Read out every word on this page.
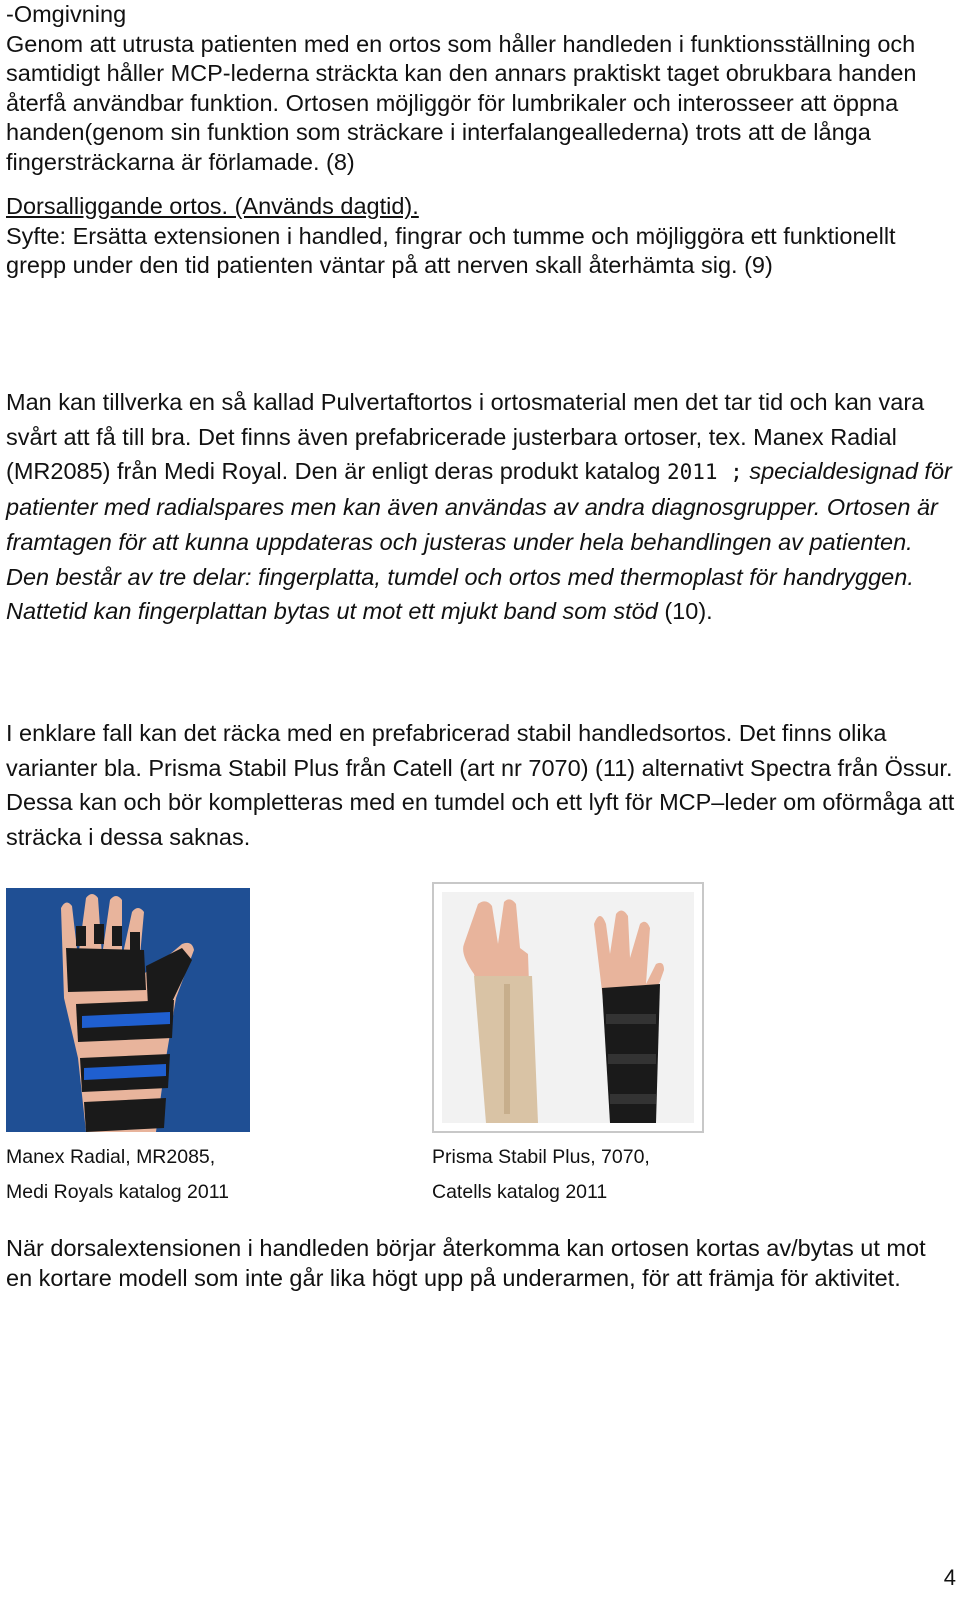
-Omgivning

Genom att utrusta patienten med en ortos som håller handleden i funktionsställning och samtidigt håller MCP-lederna sträckta kan den annars praktiskt taget obrukbara handen återfå användbar funktion. Ortosen möjliggör för lumbrikaler och interosseer att öppna handen(genom sin funktion som sträckare i interfalangeallederna) trots att de långa fingersträckarna är förlamade. (8)

Dorsalliggande ortos. (Används dagtid).

Syfte: Ersätta extensionen i handled, fingrar och tumme och möjliggöra ett funktionellt grepp under den tid patienten väntar på att nerven skall återhämta sig. (9)

Man kan tillverka en så kallad Pulvertaftortos i ortosmaterial men det tar tid och kan vara svårt att få till bra. Det finns även prefabricerade justerbara ortoser, tex. Manex Radial (MR2085) från Medi Royal. Den är enligt deras produkt katalog 2011 ; specialdesignad för patienter med radialspares men kan även användas av andra diagnosgrupper. Ortosen är framtagen för att kunna uppdateras och justeras under hela behandlingen av patienten. Den består av tre delar: fingerplatta, tumdel och ortos med thermoplast för handryggen. Nattetid kan fingerplattan bytas ut mot ett mjukt band som stöd (10).

I enklare fall kan det räcka med en prefabricerad stabil handledsortos. Det finns olika varianter bla. Prisma Stabil Plus från Catell (art nr 7070) (11) alternativt Spectra från Össur. Dessa kan och bör kompletteras med en tumdel och ett lyft för MCP–leder om oförmåga att sträcka i dessa saknas.

Manex Radial, MR2085,
Medi Royals katalog 2011
Prisma Stabil Plus, 7070,
Catells katalog 2011

När dorsalextensionen i handleden börjar återkomma kan ortosen kortas av/bytas ut mot en kortare modell som inte går lika högt upp på underarmen, för att främja för aktivitet.

4
